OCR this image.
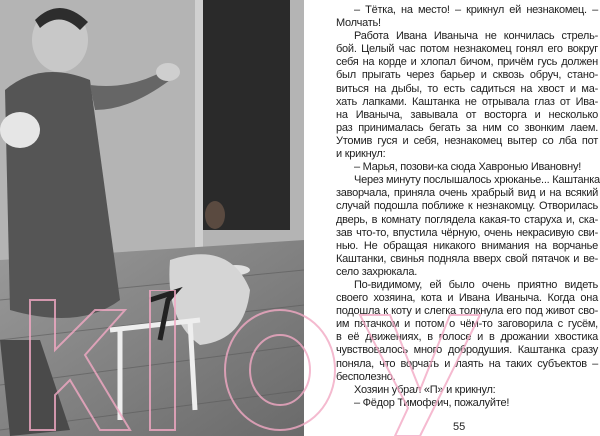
– Тётка, на место! – крикнул ей незнакомец. –
Молчать!
Работа Ивана Иваныча не кончилась стрель-
бой. Целый час потом незнакомец гонял его вокруг
себя на корде и хлопал бичом, причём гусь должен
был прыгать через барьер и сквозь обруч, стано-
виться на дыбы, то есть садиться на хвост и ма-
хать лапками. Каштанка не отрывала глаз от Ива-
на Иваныча, завывала от восторга и несколько
раз принималась бегать за ним со звонким лаем.
Утомив гуся и себя, незнакомец вытер со лба пот
и крикнул:
– Марья, позови-ка сюда Хавронью Ивановну!
Через минуту послышалось хрюканье... Каштанка
заворчала, приняла очень храбрый вид и на всякий
случай подошла поближе к незнакомцу. Отворилась
дверь, в комнату поглядела какая-то старуха и, ска-
зав что-то, впустила чёрную, очень некрасивую сви-
нью. Не обращая никакого внимания на ворчанье
Каштанки, свинья подняла вверх свой пятачок и ве-
село захрюкала.
По-видимому, ей было очень приятно видеть
своего хозяина, кота и Ивана Иваныча. Когда она
подошла к коту и слегка толкнула его под живот сво-
им пятачком и потом о чём-то заговорила с гусём,
в её движениях, в голосе и в дрожании хвостика
чувствовалось много добродушия. Каштанка сразу
поняла, что ворчать и лаять на таких субъектов –
бесполезно.
Хозяин убрал «П» и крикнул:
– Фёдор Тимофеич, пожалуйте!
55
